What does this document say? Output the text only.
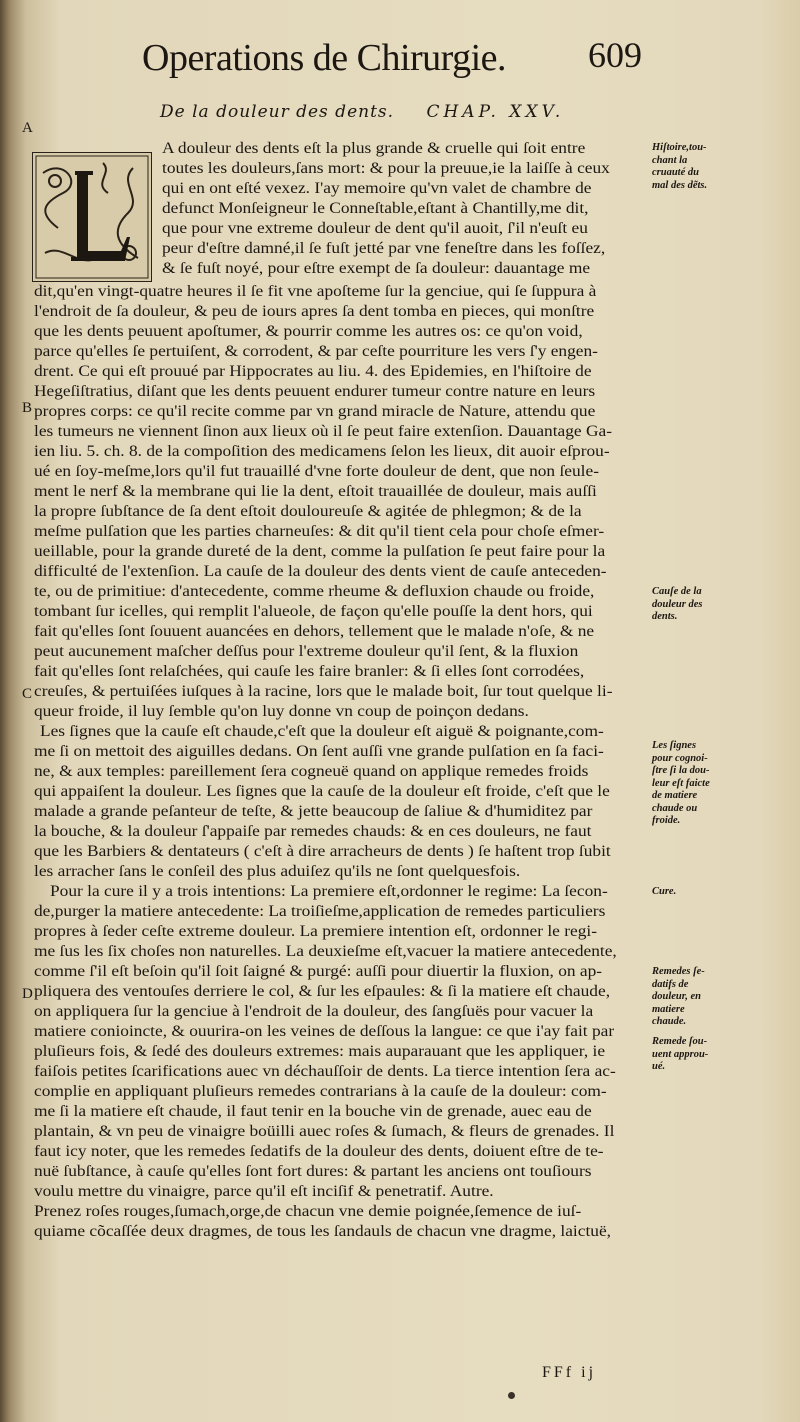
Operations de Chirurgie. 609
De la douleur des dents. CHAP. XXV.
A
B
C
D
A douleur des dents eſt la plus grande & cruelle qui ſoit entre
toutes les douleurs,ſans mort: & pour la preuue,ie la laiſſe à ceux
qui en ont eſté vexez. I'ay memoire qu'vn valet de chambre de
defunct Monſeigneur le Conneſtable,eſtant à Chantilly,me dit,
que pour vne extreme douleur de dent qu'il auoit, ſ'il n'euſt eu
peur d'eſtre damné,il ſe fuſt jetté par vne feneſtre dans les foſſez,
& ſe fuſt noyé, pour eſtre exempt de ſa douleur: dauantage me
dit,qu'en vingt-quatre heures il ſe fit vne apoſteme ſur la genciue, qui ſe ſuppura à
l'endroit de ſa douleur, & peu de iours apres ſa dent tomba en pieces, qui monſtre
que les dents peuuent apoſtumer, & pourrir comme les autres os: ce qu'on void,
parce qu'elles ſe pertuiſent, & corrodent, & par ceſte pourriture les vers ſ'y engen-
drent. Ce qui eſt prouué par Hippocrates au liu. 4. des Epidemies, en l'hiſtoire de
Hegeſiſtratius, diſant que les dents peuuent endurer tumeur contre nature en leurs
propres corps: ce qu'il recite comme par vn grand miracle de Nature, attendu que
les tumeurs ne viennent ſinon aux lieux où il ſe peut faire extenſion. Dauantage Ga-
ien liu. 5. ch. 8. de la compoſition des medicamens ſelon les lieux, dit auoir eſprou-
ué en ſoy-meſme,lors qu'il fut trauaillé d'vne forte douleur de dent, que non ſeule-
ment le nerf & la membrane qui lie la dent, eſtoit trauaillée de douleur, mais auſſi
la propre ſubſtance de ſa dent eſtoit douloureuſe & agitée de phlegmon; & de la
meſme pulſation que les parties charneuſes: & dit qu'il tient cela pour choſe eſmer-
ueillable, pour la grande dureté de la dent, comme la pulſation ſe peut faire pour la
difficulté de l'extenſion. La cauſe de la douleur des dents vient de cauſe anteceden-
te, ou de primitiue: d'antecedente, comme rheume & defluxion chaude ou froide,
tombant ſur icelles, qui remplit l'alueole, de façon qu'elle pouſſe la dent hors, qui
fait qu'elles ſont ſouuent auancées en dehors, tellement que le malade n'oſe, & ne
peut aucunement maſcher deſſus pour l'extreme douleur qu'il ſent, & la fluxion
fait qu'elles ſont relaſchées, qui cauſe les faire branler: & ſi elles ſont corrodées,
creuſes, & pertuiſées iuſques à la racine, lors que le malade boit, ſur tout quelque li-
queur froide, il luy ſemble qu'on luy donne vn coup de poinçon dedans.
Les ſignes que la cauſe eſt chaude,c'eſt que la douleur eſt aiguë & poignante,com-
me ſi on mettoit des aiguilles dedans. On ſent auſſi vne grande pulſation en ſa faci-
ne, & aux temples: pareillement ſera cogneuë quand on applique remedes froids
qui appaiſent la douleur. Les ſignes que la cauſe de la douleur eſt froide, c'eſt que le
malade a grande peſanteur de teſte, & jette beaucoup de ſaliue & d'humiditez par
la bouche, & la douleur ſ'appaiſe par remedes chauds: & en ces douleurs, ne faut
que les Barbiers & dentateurs ( c'eſt à dire arracheurs de dents ) ſe haſtent trop ſubit
les arracher ſans le conſeil des plus aduiſez qu'ils ne ſont quelquesfois.
Pour la cure il y a trois intentions: La premiere eſt,ordonner le regime: La ſecon-
de,purger la matiere antecedente: La troiſieſme,application de remedes particuliers
propres à ſeder ceſte extreme douleur. La premiere intention eſt, ordonner le regi-
me ſus les ſix choſes non naturelles. La deuxieſme eſt,vacuer la matiere antecedente,
comme ſ'il eſt beſoin qu'il ſoit ſaigné & purgé: auſſi pour diuertir la fluxion, on ap-
pliquera des ventouſes derriere le col, & ſur les eſpaules: & ſi la matiere eſt chaude,
on appliquera ſur la genciue à l'endroit de la douleur, des ſangſuës pour vacuer la
matiere conioincte, & ouurira-on les veines de deſſous la langue: ce que i'ay fait par
pluſieurs fois, & ſedé des douleurs extremes: mais auparauant que les appliquer, ie
faiſois petites ſcarifications auec vn déchauſſoir de dents. La tierce intention ſera ac-
complie en appliquant pluſieurs remedes contrarians à la cauſe de la douleur: com-
me ſi la matiere eſt chaude, il faut tenir en la bouche vin de grenade, auec eau de
plantain, & vn peu de vinaigre boüilli auec roſes & ſumach, & fleurs de grenades. Il
faut icy noter, que les remedes ſedatifs de la douleur des dents, doiuent eſtre de te-
nuë ſubſtance, à cauſe qu'elles ſont fort dures: & partant les anciens ont touſiours
voulu mettre du vinaigre, parce qu'il eſt inciſif & penetratif. Autre.
Prenez roſes rouges,ſumach,orge,de chacun vne demie poignée,ſemence de iuſ-
quiame cõcaſſée deux dragmes, de tous les ſandauls de chacun vne dragme, laictuë,
Hiſtoire,tou-
chant la
cruauté du
mal des dẽts.
Cauſe de la
douleur des
dents.
Les ſignes
pour cognoi-
ſtre ſi la dou-
leur eſt faicte
de matiere
chaude ou
froide.
Cure.
Remedes ſe-
datifs de
douleur, en
matiere
chaude.
Remede ſou-
uent approu-
ué.
FFf ij
